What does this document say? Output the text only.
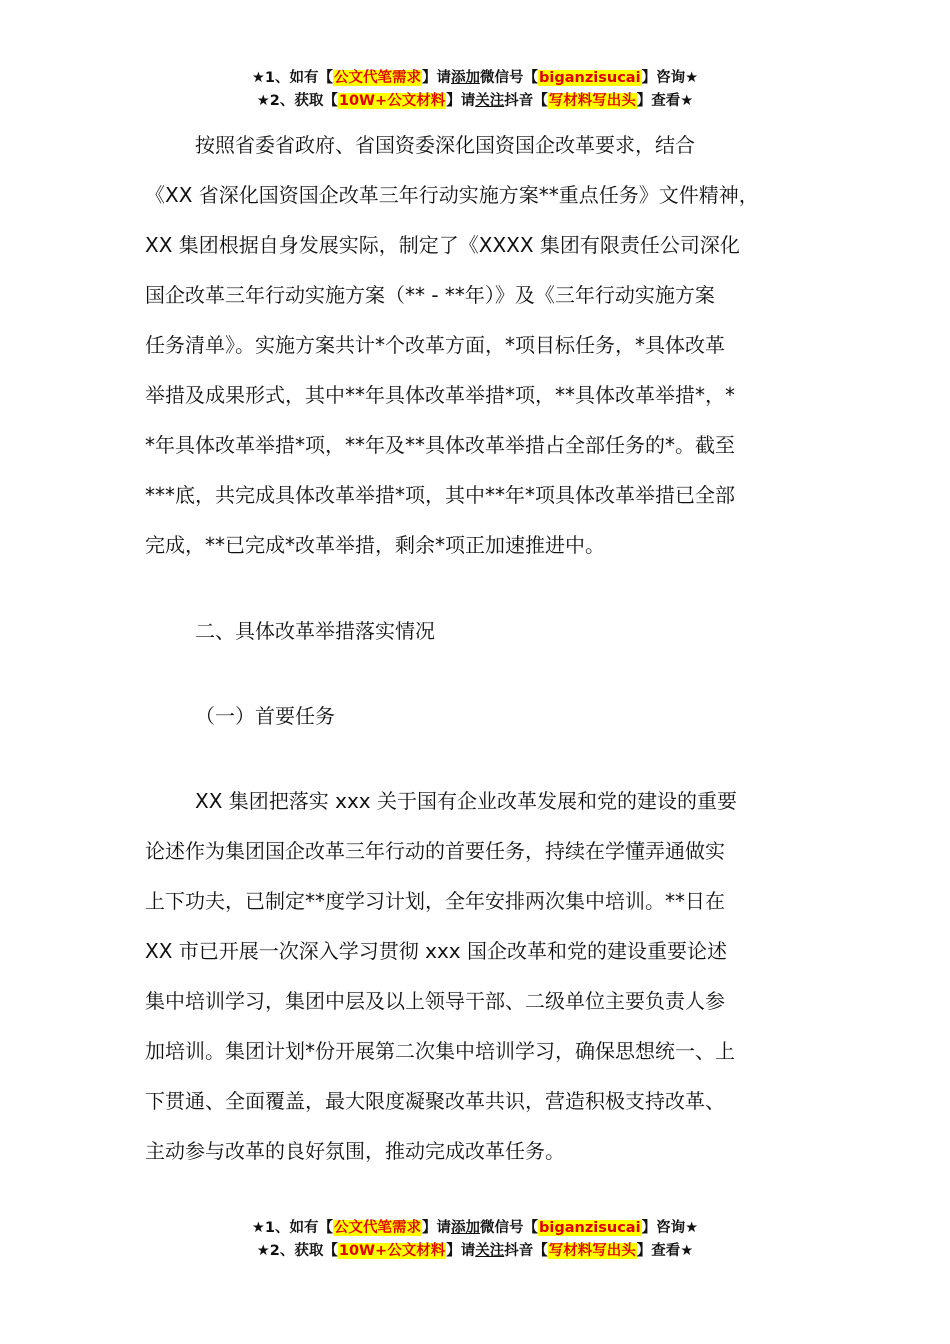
★1、如有【公文代笔需求】请添加微信号【biganzisucai】咨询★
★2、获取【10W+公文材料】请关注抖音【写材料写出头】查看★

按照省委省政府、省国资委深化国资国企改革要求，结合

《XX 省深化国资国企改革三年行动实施方案**重点任务》文件精神，

XX 集团根据自身发展实际，制定了《XXXX 集团有限责任公司深化

国企改革三年行动实施方案（** - **年）》及《三年行动实施方案

任务清单》。实施方案共计*个改革方面，*项目标任务，*具体改革

举措及成果形式，其中**年具体改革举措*项，**具体改革举措*，*

*年具体改革举措*项，**年及**具体改革举措占全部任务的*。截至

***底，共完成具体改革举措*项，其中**年*项具体改革举措已全部

完成，**已完成*改革举措，剩余*项正加速推进中。

二、具体改革举措落实情况
（一）首要任务

XX 集团把落实 xxx 关于国有企业改革发展和党的建设的重要

论述作为集团国企改革三年行动的首要任务，持续在学懂弄通做实

上下功夫，已制定**度学习计划，全年安排两次集中培训。**日在

XX 市已开展一次深入学习贯彻 xxx 国企改革和党的建设重要论述

集中培训学习，集团中层及以上领导干部、二级单位主要负责人参

加培训。集团计划*份开展第二次集中培训学习，确保思想统一、上

下贯通、全面覆盖，最大限度凝聚改革共识，营造积极支持改革、

主动参与改革的良好氛围，推动完成改革任务。

★1、如有【公文代笔需求】请添加微信号【biganzisucai】咨询★
★2、获取【10W+公文材料】请关注抖音【写材料写出头】查看★
